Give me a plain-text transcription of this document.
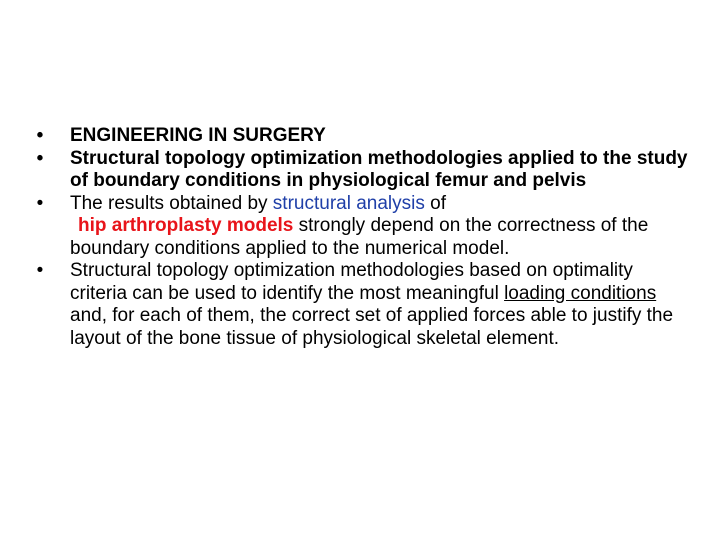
•	ENGINEERING IN SURGERY
•	Structural topology optimization methodologies applied to the study of boundary conditions in physiological femur and pelvis
•	The results obtained by structural analysis of
hip arthroplasty models strongly depend on the correctness of the boundary conditions applied to the numerical model.
•	Structural topology optimization methodologies based on optimality criteria can be used to identify the most meaningful loading conditions and, for each of them, the correct set of applied forces able to justify the layout of the bone tissue of physiological skeletal element.
